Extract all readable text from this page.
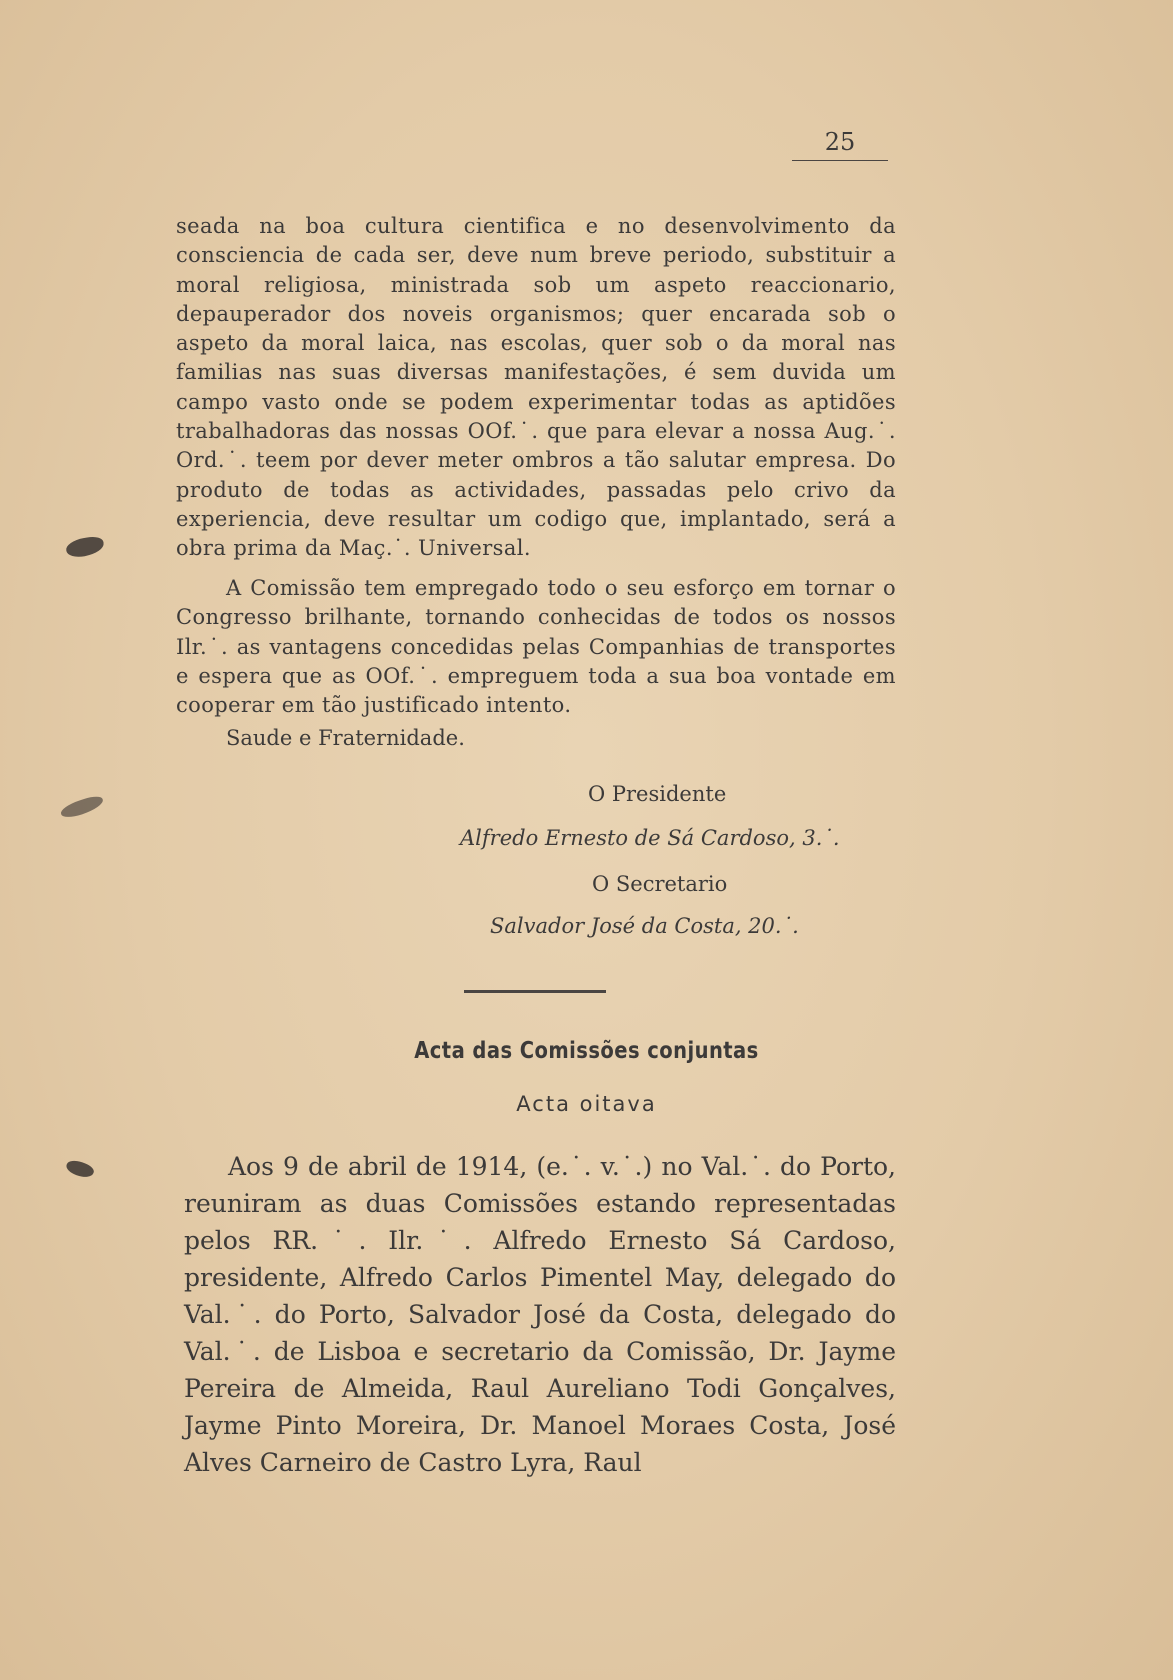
25

seada na boa cultura cientifica e no desenvolvimento da consciencia de cada ser, deve num breve periodo, substituir a moral religiosa, ministrada sob um aspeto reaccionario, depauperador dos noveis organismos; quer encarada sob o aspeto da moral laica, nas escolas, quer sob o da moral nas familias nas suas diversas manifestações, é sem duvida um campo vasto onde se podem experimentar todas as aptidões trabalhadoras das nossas OOf.˙. que para elevar a nossa Aug.˙. Ord.˙. teem por dever meter ombros a tão salutar empresa. Do produto de todas as actividades, passadas pelo crivo da experiencia, deve resultar um codigo que, implantado, será a obra prima da Maç.˙. Universal.

A Comissão tem empregado todo o seu esforço em tornar o Congresso brilhante, tornando conhecidas de todos os nossos Ilr.˙. as vantagens concedidas pelas Companhias de transportes e espera que as OOf.˙. empreguem toda a sua boa vontade em cooperar em tão justificado intento.

Saude e Fraternidade.

O Presidente
Alfredo Ernesto de Sá Cardoso, 3.˙.
O Secretario
Salvador José da Costa, 20.˙.
Acta das Comissões conjuntas
Acta oitava

Aos 9 de abril de 1914, (e.˙. v.˙.) no Val.˙. do Porto, reuniram as duas Comissões estando representadas pelos RR.˙. Ilr.˙. Alfredo Ernesto Sá Cardoso, presidente, Alfredo Carlos Pimentel May, delegado do Val.˙. do Porto, Salvador José da Costa, delegado do Val.˙. de Lisboa e secretario da Comissão, Dr. Jayme Pereira de Almeida, Raul Aureliano Todi Gonçalves, Jayme Pinto Moreira, Dr. Manoel Moraes Costa, José Alves Carneiro de Castro Lyra, Raul
